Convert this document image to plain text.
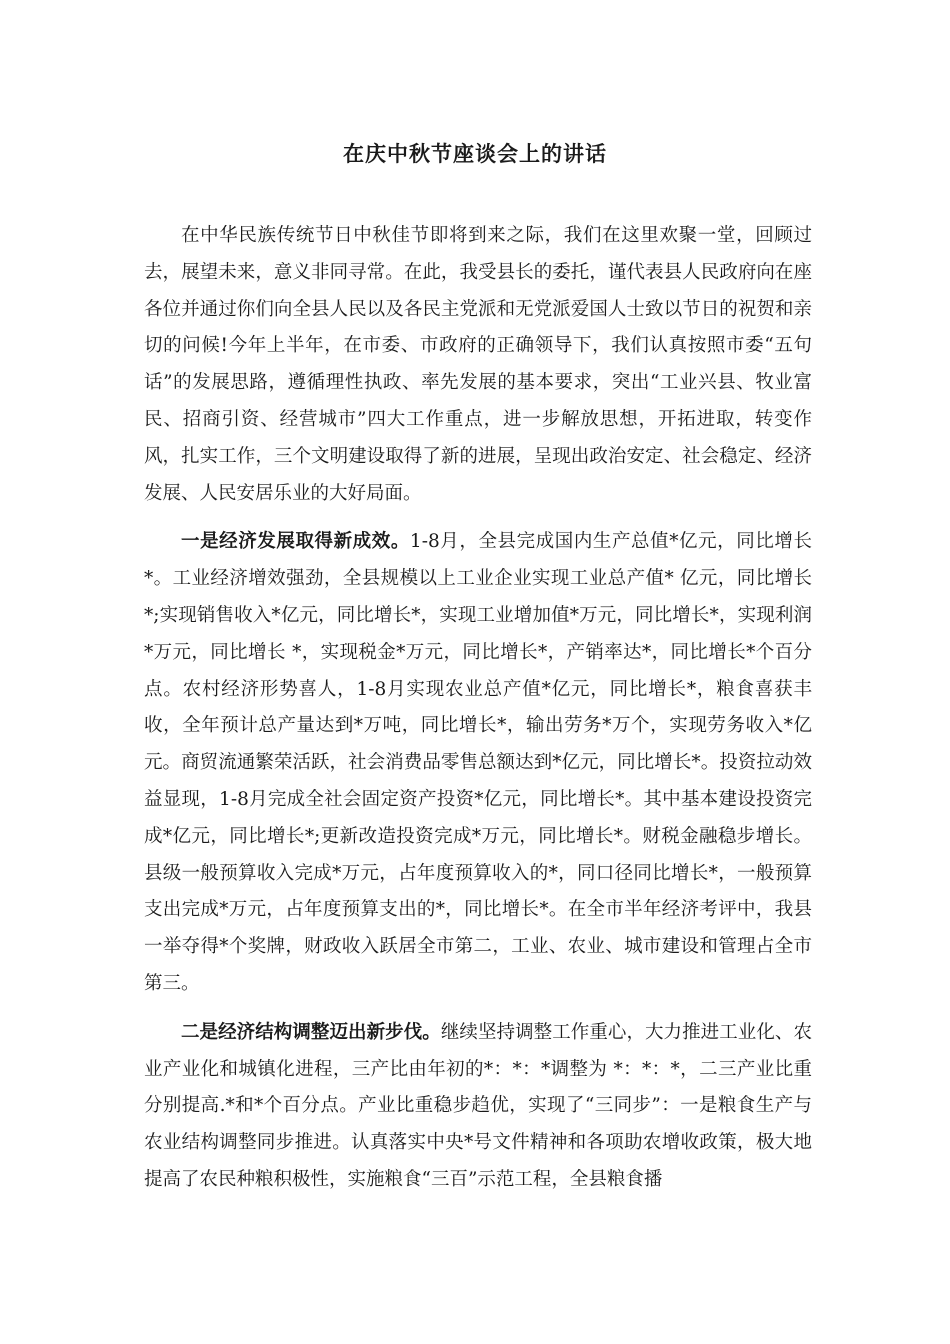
在庆中秋节座谈会上的讲话

在中华民族传统节日中秋佳节即将到来之际，我们在这里欢聚一堂，回顾过去，展望未来，意义非同寻常。在此，我受县长的委托，谨代表县人民政府向在座各位并通过你们向全县人民以及各民主党派和无党派爱国人士致以节日的祝贺和亲切的问候!今年上半年，在市委、市政府的正确领导下，我们认真按照市委“五句话”的发展思路，遵循理性执政、率先发展的基本要求，突出“工业兴县、牧业富民、招商引资、经营城市”四大工作重点，进一步解放思想，开拓进取，转变作风，扎实工作，三个文明建设取得了新的进展，呈现出政治安定、社会稳定、经济发展、人民安居乐业的大好局面。

一是经济发展取得新成效。1-8月，全县完成国内生产总值*亿元，同比增长*。工业经济增效强劲，全县规模以上工业企业实现工业总产值* 亿元，同比增长*;实现销售收入*亿元，同比增长*，实现工业增加值*万元，同比增长*，实现利润*万元，同比增长 *，实现税金*万元，同比增长*，产销率达*，同比增长*个百分点。农村经济形势喜人，1-8月实现农业总产值*亿元，同比增长*，粮食喜获丰收，全年预计总产量达到*万吨，同比增长*，输出劳务*万个，实现劳务收入*亿元。商贸流通繁荣活跃，社会消费品零售总额达到*亿元，同比增长*。投资拉动效益显现，1-8月完成全社会固定资产投资*亿元，同比增长*。其中基本建设投资完成*亿元，同比增长*;更新改造投资完成*万元，同比增长*。财税金融稳步增长。县级一般预算收入完成*万元，占年度预算收入的*，同口径同比增长*，一般预算支出完成*万元，占年度预算支出的*，同比增长*。在全市半年经济考评中，我县一举夺得*个奖牌，财政收入跃居全市第二，工业、农业、城市建设和管理占全市第三。

二是经济结构调整迈出新步伐。继续坚持调整工作重心，大力推进工业化、农业产业化和城镇化进程，三产比由年初的*：*：*调整为 *：*：*，二三产业比重分别提高.*和*个百分点。产业比重稳步趋优，实现了“三同步”：一是粮食生产与农业结构调整同步推进。认真落实中央*号文件精神和各项助农增收政策，极大地提高了农民种粮积极性，实施粮食“三百”示范工程，全县粮食播
